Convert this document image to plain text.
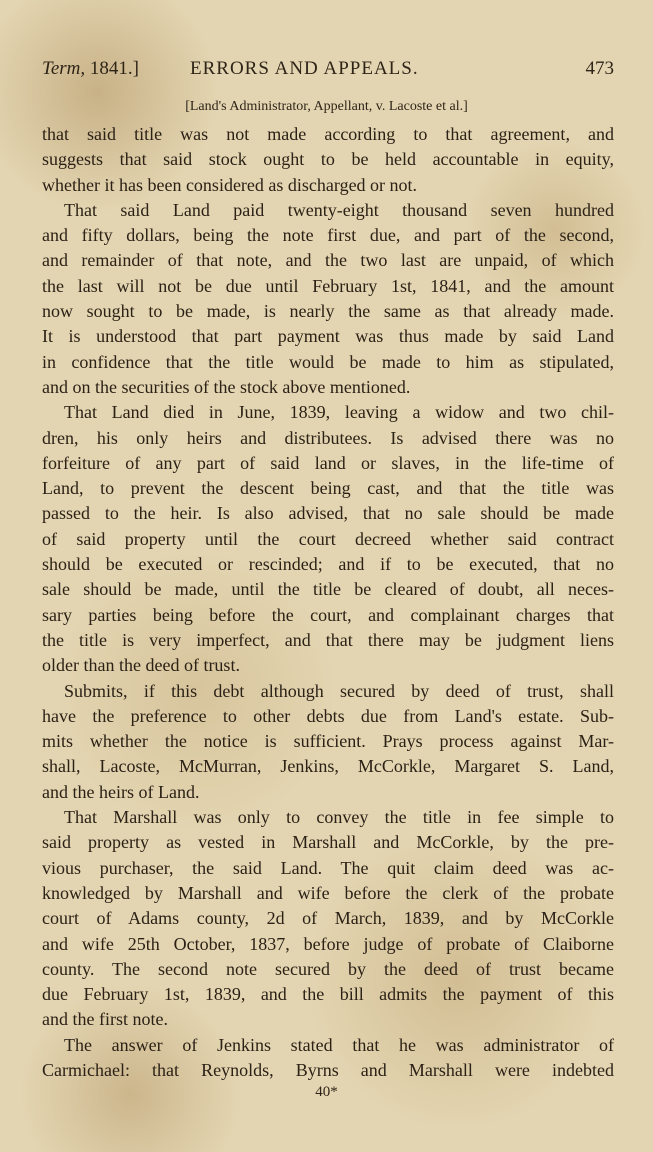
Term, 1841.]	ERRORS AND APPEALS.	473
[Land's Administrator, Appellant, v. Lacoste et al.]
that said title was not made according to that agreement, and
suggests that said stock ought to be held accountable in equity,
whether it has been considered as discharged or not.
That said Land paid twenty-eight thousand seven hundred
and fifty dollars, being the note first due, and part of the second,
and remainder of that note, and the two last are unpaid, of which
the last will not be due until February 1st, 1841, and the amount
now sought to be made, is nearly the same as that already made.
It is understood that part payment was thus made by said Land
in confidence that the title would be made to him as stipulated,
and on the securities of the stock above mentioned.
That Land died in June, 1839, leaving a widow and two chil-
dren, his only heirs and distributees. Is advised there was no
forfeiture of any part of said land or slaves, in the life-time of
Land, to prevent the descent being cast, and that the title was
passed to the heir. Is also advised, that no sale should be made
of said property until the court decreed whether said contract
should be executed or rescinded; and if to be executed, that no
sale should be made, until the title be cleared of doubt, all neces-
sary parties being before the court, and complainant charges that
the title is very imperfect, and that there may be judgment liens
older than the deed of trust.
Submits, if this debt although secured by deed of trust, shall
have the preference to other debts due from Land's estate. Sub-
mits whether the notice is sufficient. Prays process against Mar-
shall, Lacoste, McMurran, Jenkins, McCorkle, Margaret S. Land,
and the heirs of Land.
That Marshall was only to convey the title in fee simple to
said property as vested in Marshall and McCorkle, by the pre-
vious purchaser, the said Land. The quit claim deed was ac-
knowledged by Marshall and wife before the clerk of the probate
court of Adams county, 2d of March, 1839, and by McCorkle
and wife 25th October, 1837, before judge of probate of Claiborne
county. The second note secured by the deed of trust became
due February 1st, 1839, and the bill admits the payment of this
and the first note.
The answer of Jenkins stated that he was administrator of
Carmichael: that Reynolds, Byrns and Marshall were indebted
40*
